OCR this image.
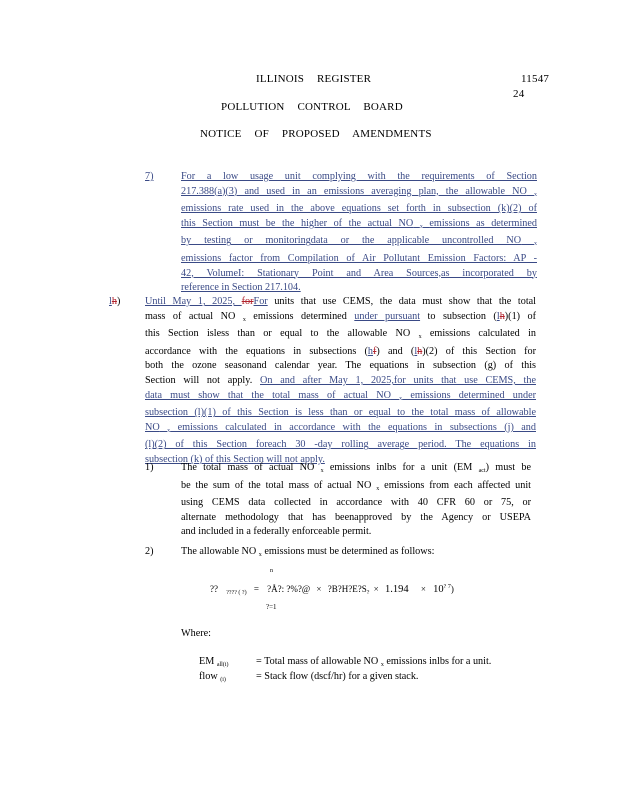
ILLINOIS REGISTER	11547
24
POLLUTION CONTROL BOARD
NOTICE OF PROPOSED AMENDMENTS
7)	For a low usage unit complying with the requirements of Section
217.388(a)(3) and used in an emissions averaging plan, the allowable NO $_x$
emissions rate used in the above equations set forth in subsection (k)(2) of
this Section must be the higher of the actual NO $_x$ emissions as determined
by testing or monitoringdata or the applicable uncontrolled NO $_x$
emissions factor from Compilation of Air Pollutant Emission Factors: AP -
42, VolumeI: Stationary Point and Area Sources,as incorporated by
reference in Section 217.104.
lh) Until May 1, 2025, forFor units that use CEMS, the data must show that the total
mass of actual NO $_x$ emissions determined under pursuant to subsection (lh)(1) of
this Section isless than or equal to the allowable NO $_x$ emissions calculated in
accordance with the equations in subsections (hf) and (lh)(2) of this Section for
both the ozone seasonand calendar year. The equations in subsection (g) of this
Section will not apply. On and after May 1, 2025,for units that use CEMS, the
data must show that the total mass of actual NO $_x$ emissions determined under
subsection (l)(1) of this Section is less than or equal to the total mass of allowable
NO $_x$ emissions calculated in accordance with the equations in subsections (j) and
(l)(2) of this Section foreach 30 -day rolling average period. The equations in
subsection (k) of this Section will not apply.
1)	The total mass of actual NO $_x$ emissions inlbs for a unit (EM $_{act}$) must be
be the sum of the total mass of actual NO $_x$ emissions from each affected unit
using CEMS data collected in accordance with 40 CFR 60 or 75, or
alternate methodology that has beenapproved by the Agency or USEPA
and included in a federally enforceable permit.
2)	The allowable NO $_x$ emissions must be determined as follows:
n
?? $_{???? ( ?)}$ = ?Å?: ?%?@ × $?B?H?E?S_? \times 1.194 \times 10^{? 7}$)
?=1
Where:
EM $_{all(i)}$	= Total mass of allowable NO $_x$ emissions inlbs for a unit.
flow $_{(i)}$	= Stack flow (dscf/hr) for a given stack.
